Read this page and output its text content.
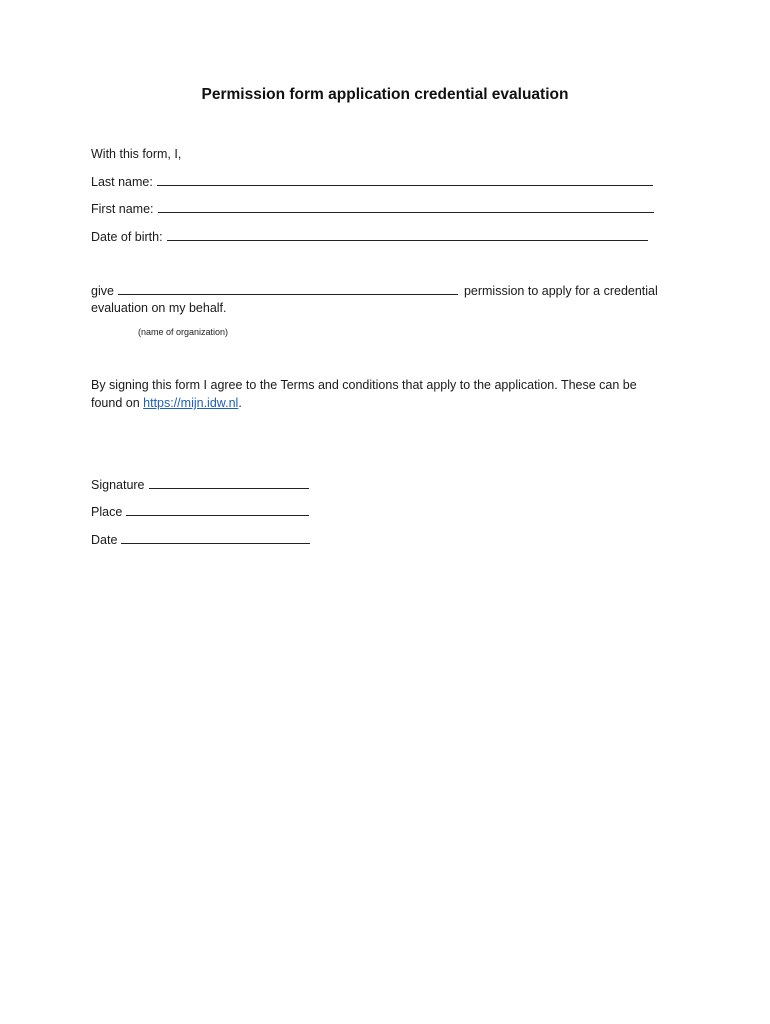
Permission form application credential evaluation
With this form, I,
Last name:
First name:
Date of birth:
give	permission to apply for a credential
evaluation on my behalf.
(name of organization)
By signing this form I agree to the Terms and conditions that apply to the application. These can be
found on https://mijn.idw.nl.
Signature
Place
Date
